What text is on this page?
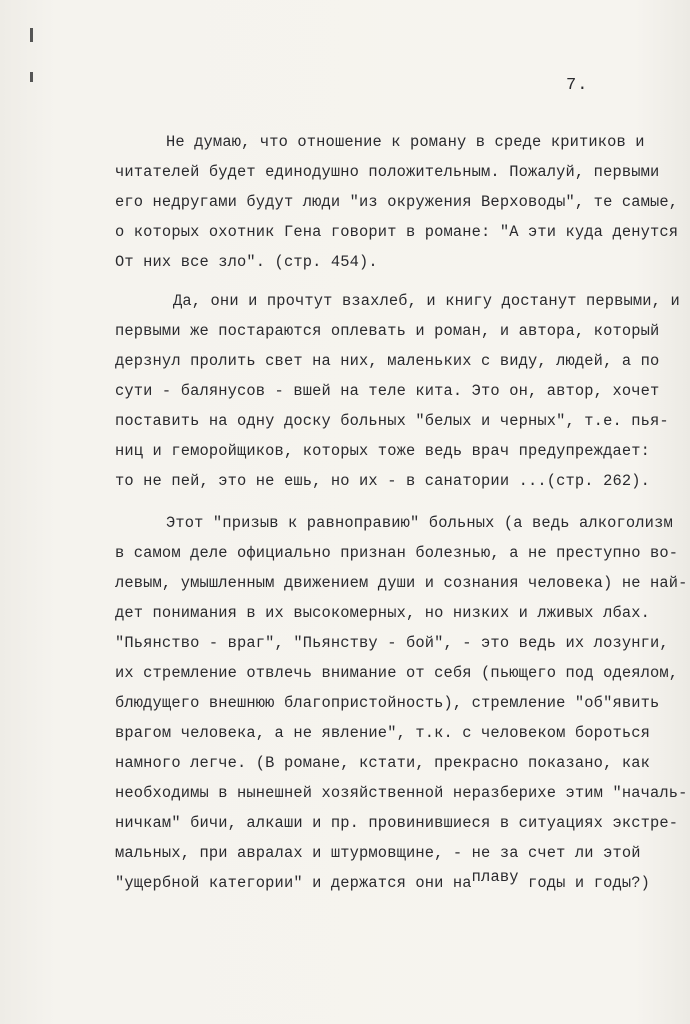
7.
Не думаю, что отношение к роману в среде критиков и
читателей будет единодушно положительным. Пожалуй, первыми
его недругами будут люди "из окружения Верховоды", те самые,
о которых охотник Гена говорит в романе: "А эти куда денутся
От них все зло". (стр. 454).
Да, они и прочтут взахлеб, и книгу достанут первыми, и
первыми же постараются оплевать и роман, и автора, который
дерзнул пролить свет на них, маленьких с виду, людей, а по
сути - балянусов - вшей на теле кита. Это он, автор, хочет
поставить на одну доску больных "белых и черных", т.е. пья-
ниц и геморойщиков, которых тоже ведь врач предупреждает:
то не пей, это не ешь, но их - в санатории ...(стр. 262).
Этот "призыв к равноправию" больных (а ведь алкоголизм
в самом деле официально признан болезнью, а не преступно во-
левым, умышленным движением души и сознания человека) не най-
дет понимания в их высокомерных, но низких и лживых лбах.
"Пьянство - враг", "Пьянству - бой", - это ведь их лозунги,
их стремление отвлечь внимание от себя (пьющего под одеялом,
блюдущего внешнюю благопристойность), стремление "об"явить
врагом человека, а не явление", т.к. с человеком бороться
намного легче. (В романе, кстати, прекрасно показано, как
необходимы в нынешней хозяйственной неразберихе этим "началь-
ничкам" бичи, алкаши и пр. провинившиеся в ситуациях экстре-
мальных, при авралах и штурмовщине, - не за счет ли этой
"ущербной категории" и держатся они наплаву годы и годы?)
